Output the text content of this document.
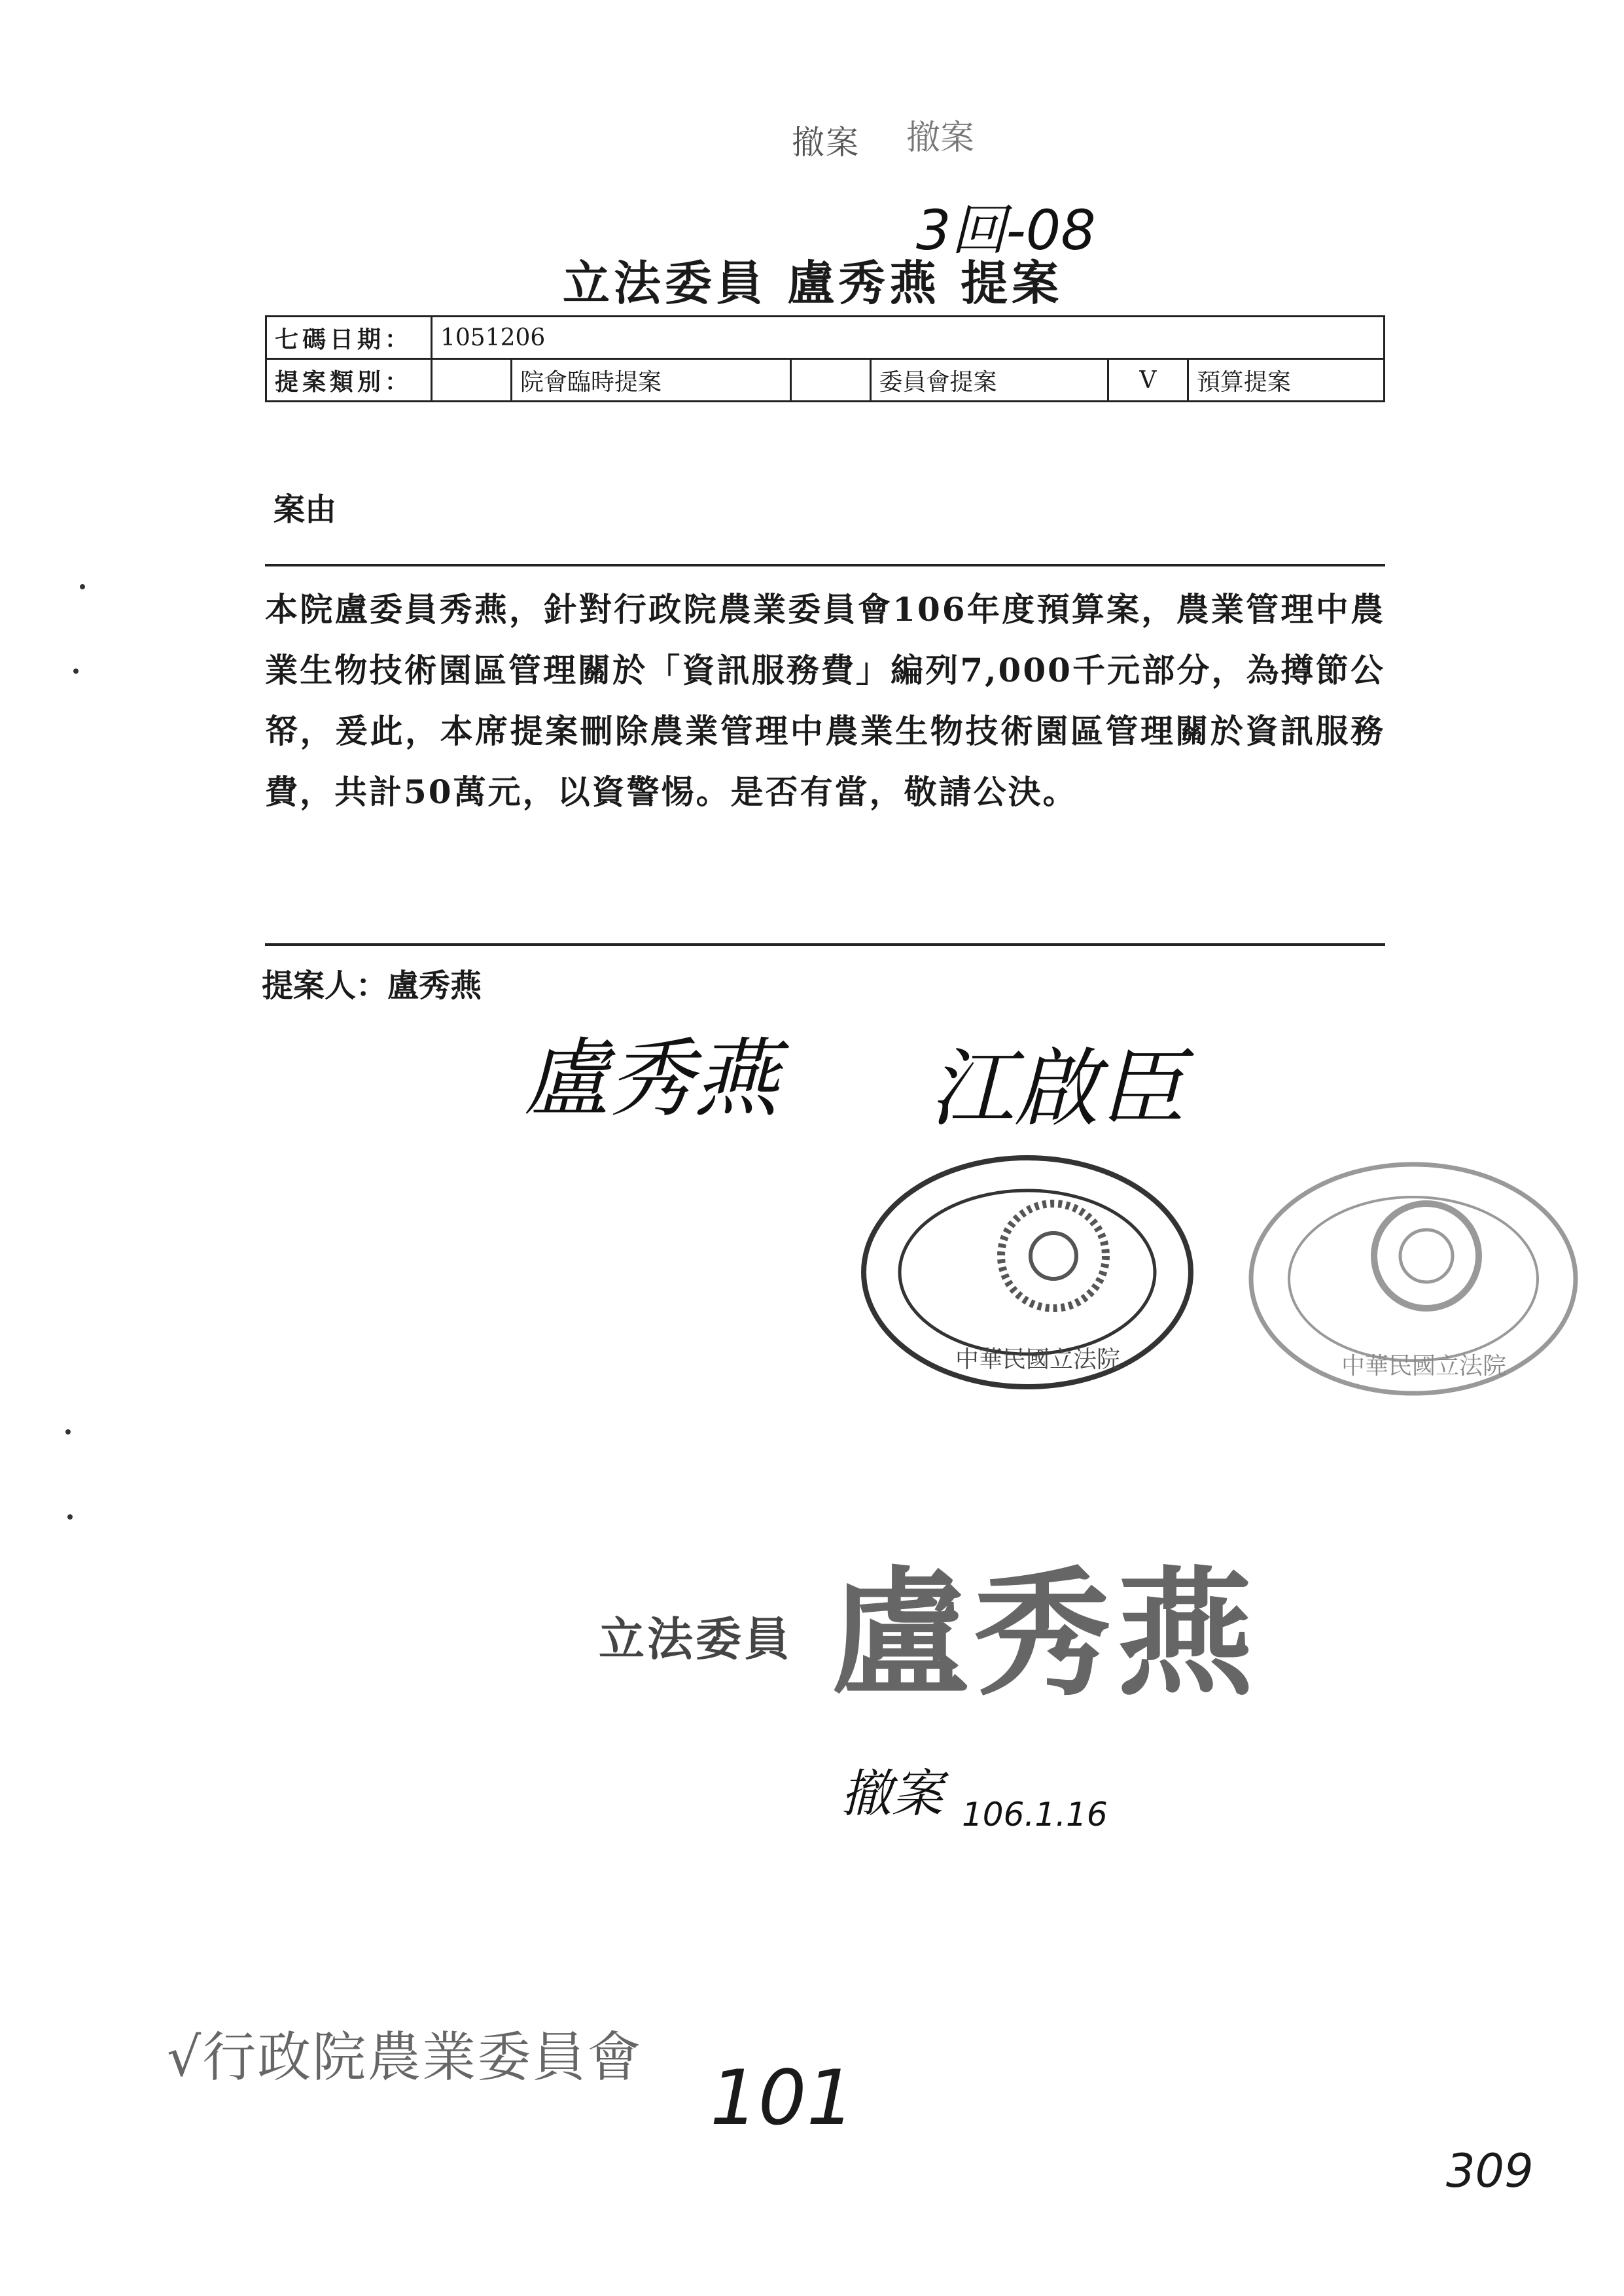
撤案 撤案
3回-08
立法委員 盧秀燕 提案
七碼日期：	1051206					
提案類別：		院會臨時提案		委員會提案	V	預算提案
案由
本院盧委員秀燕，針對行政院農業委員會106年度預算案，農業管理中農業生物技術園區管理關於「資訊服務費」編列7,000千元部分，為撙節公帑，爰此，本席提案刪除農業管理中農業生物技術園區管理關於資訊服務費，共計50萬元，以資警惕。是否有當，敬請公決。
提案人：盧秀燕
盧秀燕 江啟臣
中華民國立法院	中華民國立法院
立法委員 盧秀燕
撤案 106.1.16
√行政院農業委員會 101
309
